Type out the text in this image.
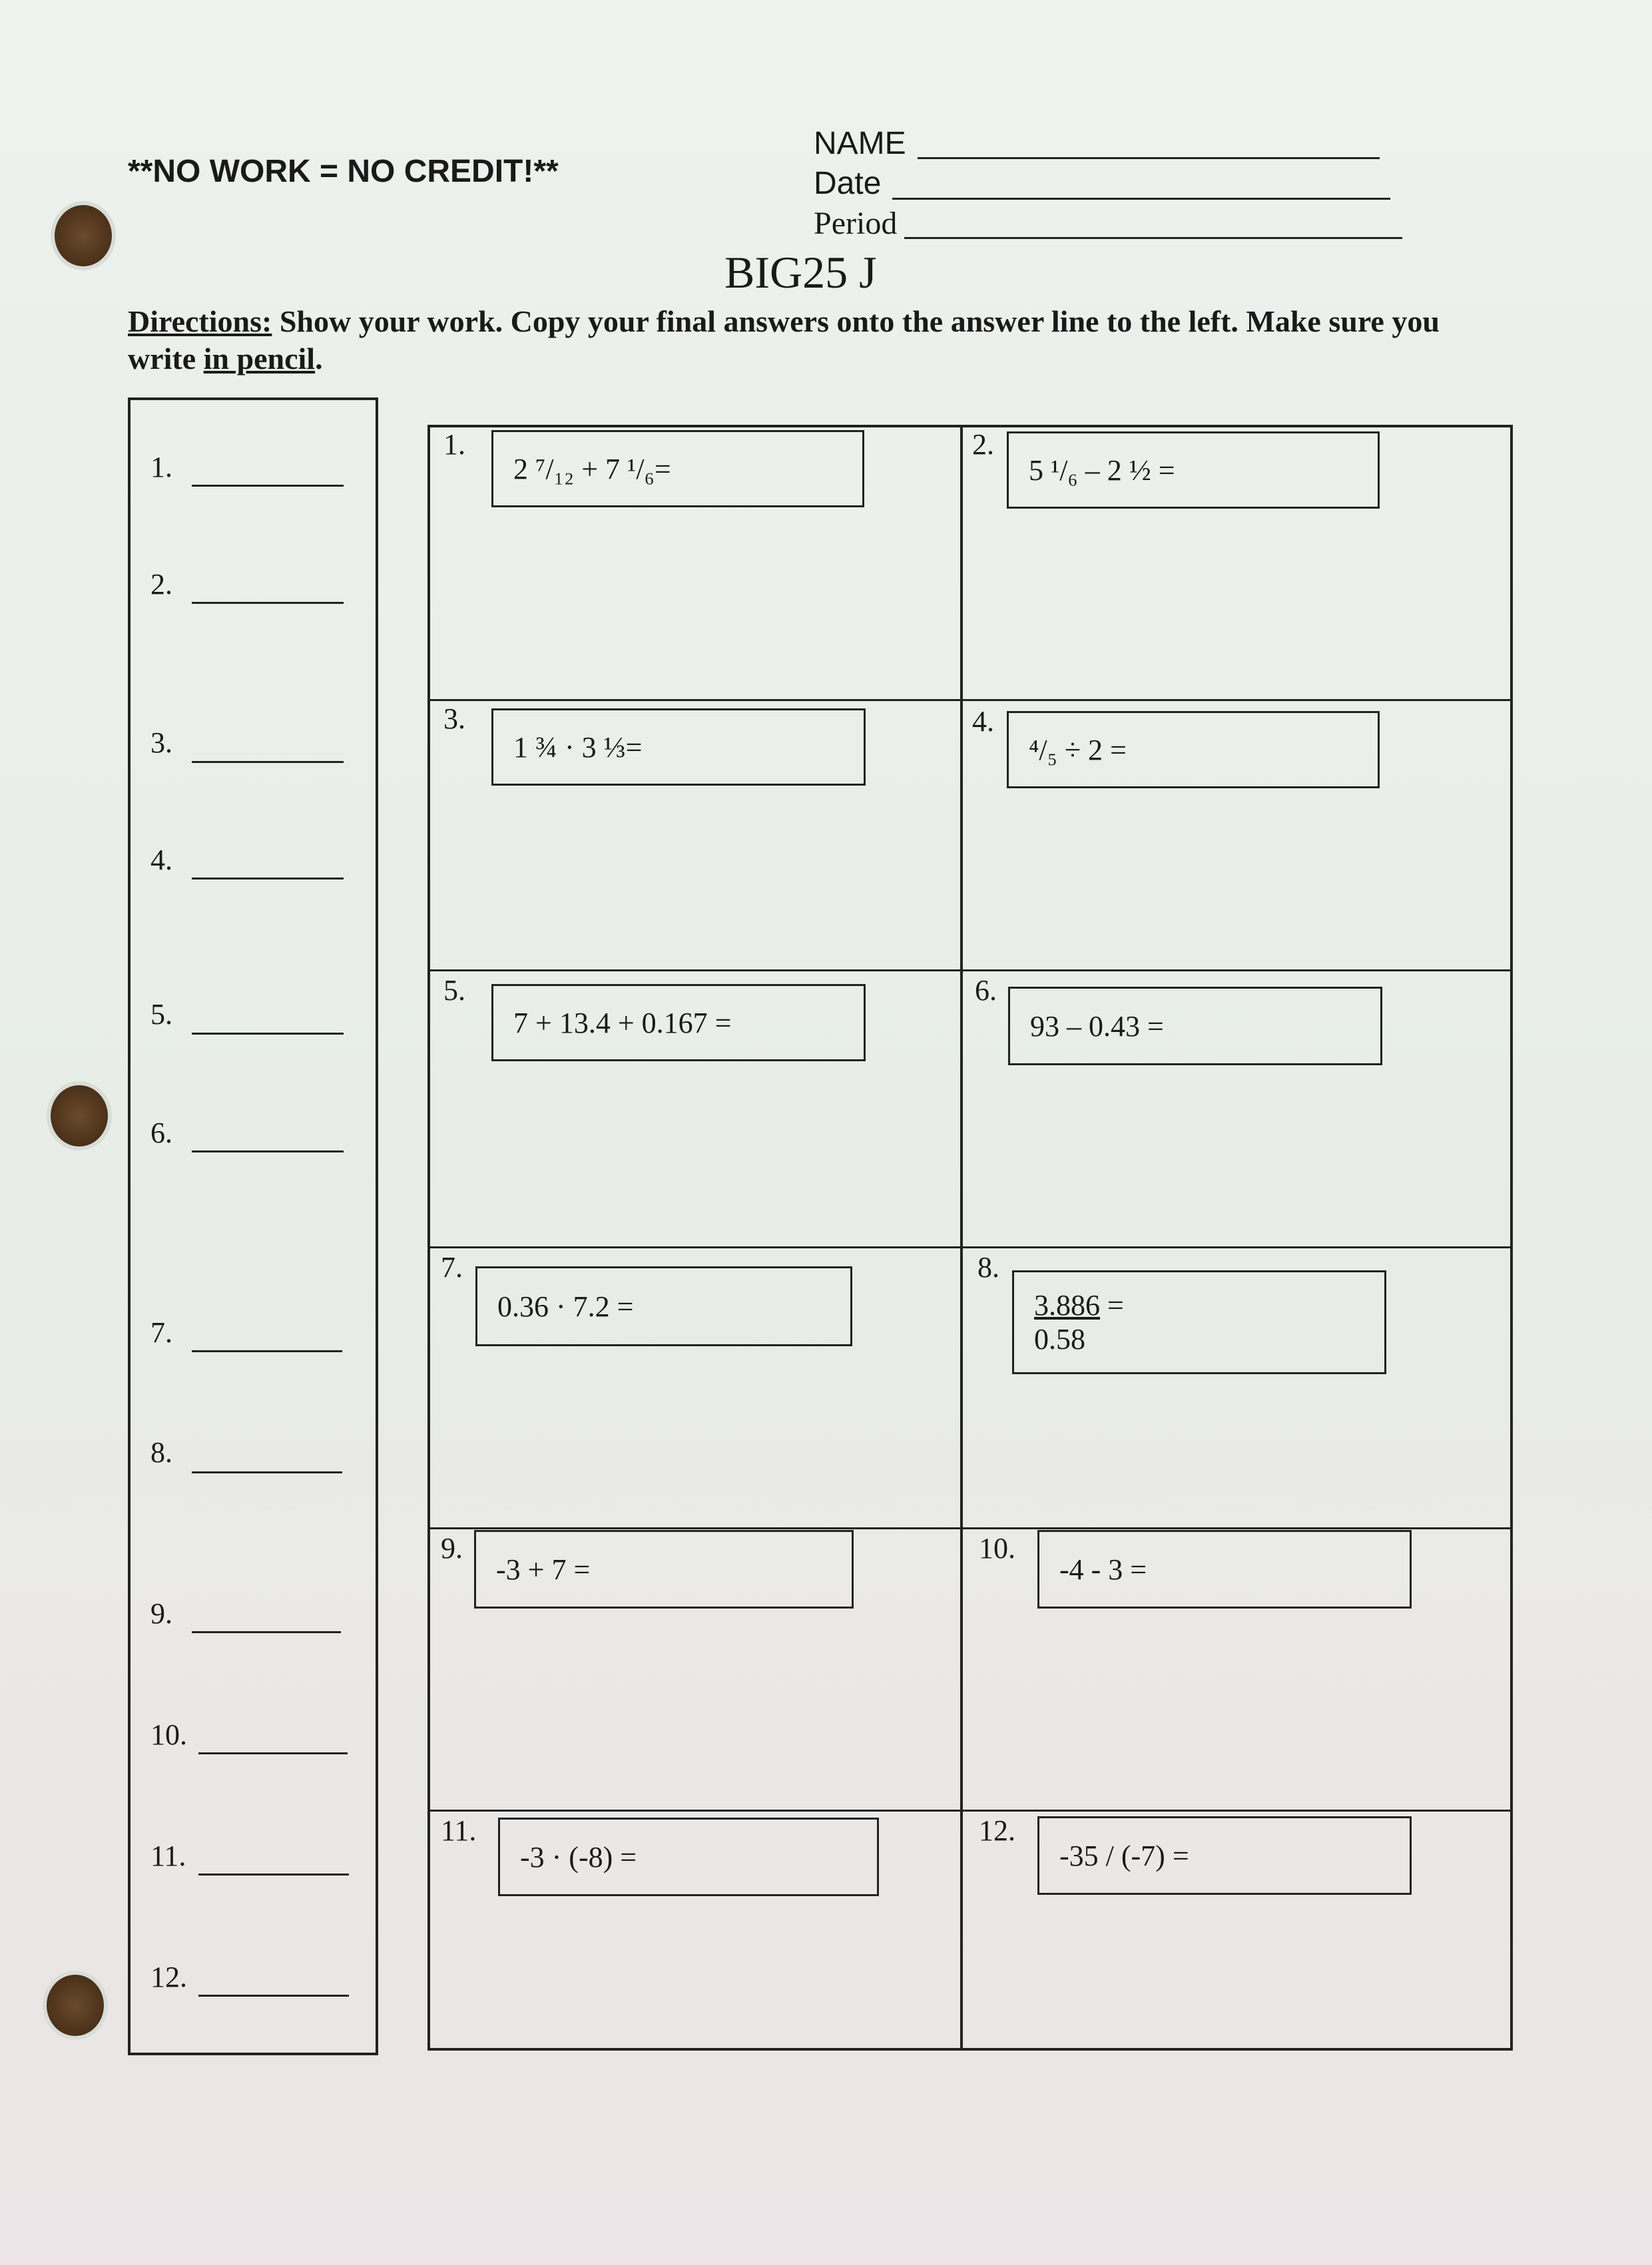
**NO WORK = NO CREDIT!**
NAME
Date
Period
BIG25 J
Directions: Show your work. Copy your final answers onto the answer line to the left. Make sure you write in pencil.
1.
2.
3.
4.
5.
6.
7.
8.
9.
10.
11.
12.
1.
2 ⁷/₁₂ + 7 ¹/₆=
2.
5 ¹/₆ – 2 ½ =
3.
1 ¾ · 3 ⅓=
4.
⁴/₅ ÷ 2 =
5.
7 + 13.4 + 0.167 =
6.
93 – 0.43 =
7.
0.36 · 7.2 =
8.
3.886 =
0.58
9.
-3 + 7 =
10.
-4 - 3 =
11.
-3 · (-8) =
12.
-35 / (-7) =
